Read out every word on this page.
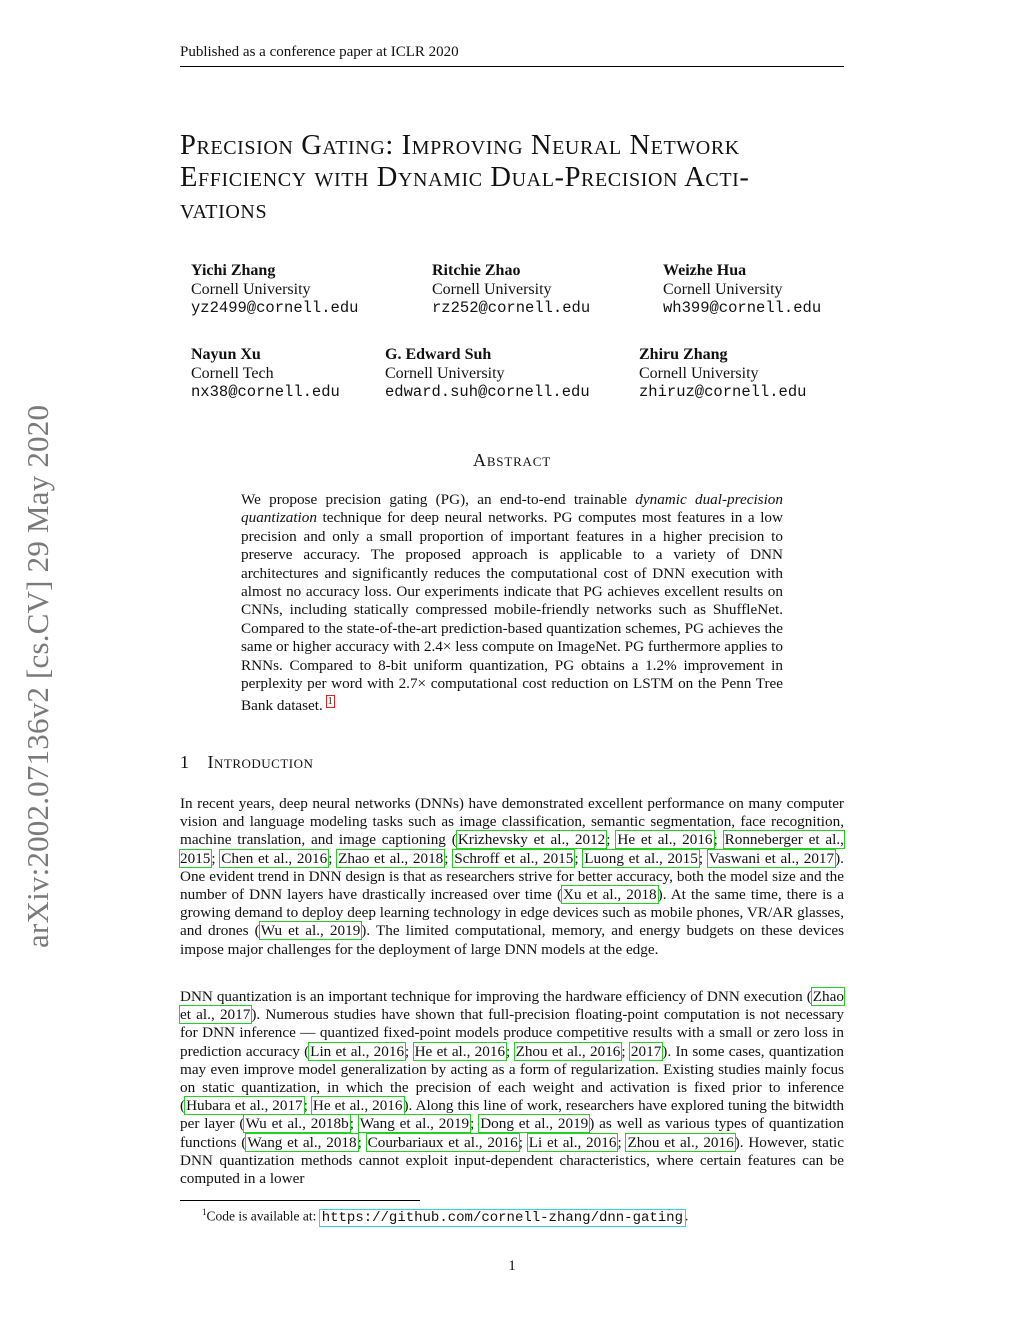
Published as a conference paper at ICLR 2020
arXiv:2002.07136v2 [cs.CV] 29 May 2020
Precision Gating: Improving Neural Network
Efficiency with Dynamic Dual-Precision Acti-
vations
Yichi Zhang
Cornell University
yz2499@cornell.edu
Ritchie Zhao
Cornell University
rz252@cornell.edu
Weizhe Hua
Cornell University
wh399@cornell.edu
Nayun Xu
Cornell Tech
nx38@cornell.edu
G. Edward Suh
Cornell University
edward.suh@cornell.edu
Zhiru Zhang
Cornell University
zhiruz@cornell.edu
Abstract
We propose precision gating (PG), an end-to-end trainable dynamic dual-precision quantization technique for deep neural networks. PG computes most features in a low precision and only a small proportion of important features in a higher precision to preserve accuracy. The proposed approach is applicable to a variety of DNN architectures and significantly reduces the computational cost of DNN execution with almost no accuracy loss. Our experiments indicate that PG achieves excellent results on CNNs, including statically compressed mobile-friendly networks such as ShuffleNet. Compared to the state-of-the-art prediction-based quantization schemes, PG achieves the same or higher accuracy with 2.4× less compute on ImageNet. PG furthermore applies to RNNs. Compared to 8-bit uniform quantization, PG obtains a 1.2% improvement in perplexity per word with 2.7× computational cost reduction on LSTM on the Penn Tree Bank dataset. $^1$
1 Introduction
In recent years, deep neural networks (DNNs) have demonstrated excellent performance on many computer vision and language modeling tasks such as image classification, semantic segmentation, face recognition, machine translation, and image captioning (Krizhevsky et al., 2012; He et al., 2016; Ronneberger et al., 2015; Chen et al., 2016; Zhao et al., 2018; Schroff et al., 2015; Luong et al., 2015; Vaswani et al., 2017). One evident trend in DNN design is that as researchers strive for better accuracy, both the model size and the number of DNN layers have drastically increased over time (Xu et al., 2018). At the same time, there is a growing demand to deploy deep learning technology in edge devices such as mobile phones, VR/AR glasses, and drones (Wu et al., 2019). The limited computational, memory, and energy budgets on these devices impose major challenges for the deployment of large DNN models at the edge.
DNN quantization is an important technique for improving the hardware efficiency of DNN execution (Zhao et al., 2017). Numerous studies have shown that full-precision floating-point computation is not necessary for DNN inference — quantized fixed-point models produce competitive results with a small or zero loss in prediction accuracy (Lin et al., 2016; He et al., 2016; Zhou et al., 2016; 2017). In some cases, quantization may even improve model generalization by acting as a form of regularization. Existing studies mainly focus on static quantization, in which the precision of each weight and activation is fixed prior to inference (Hubara et al., 2017; He et al., 2016). Along this line of work, researchers have explored tuning the bitwidth per layer (Wu et al., 2018b; Wang et al., 2019; Dong et al., 2019) as well as various types of quantization functions (Wang et al., 2018; Courbariaux et al., 2016; Li et al., 2016; Zhou et al., 2016). However, static DNN quantization methods cannot exploit input-dependent characteristics, where certain features can be computed in a lower
$^1$Code is available at: https://github.com/cornell-zhang/dnn-gating .
1
